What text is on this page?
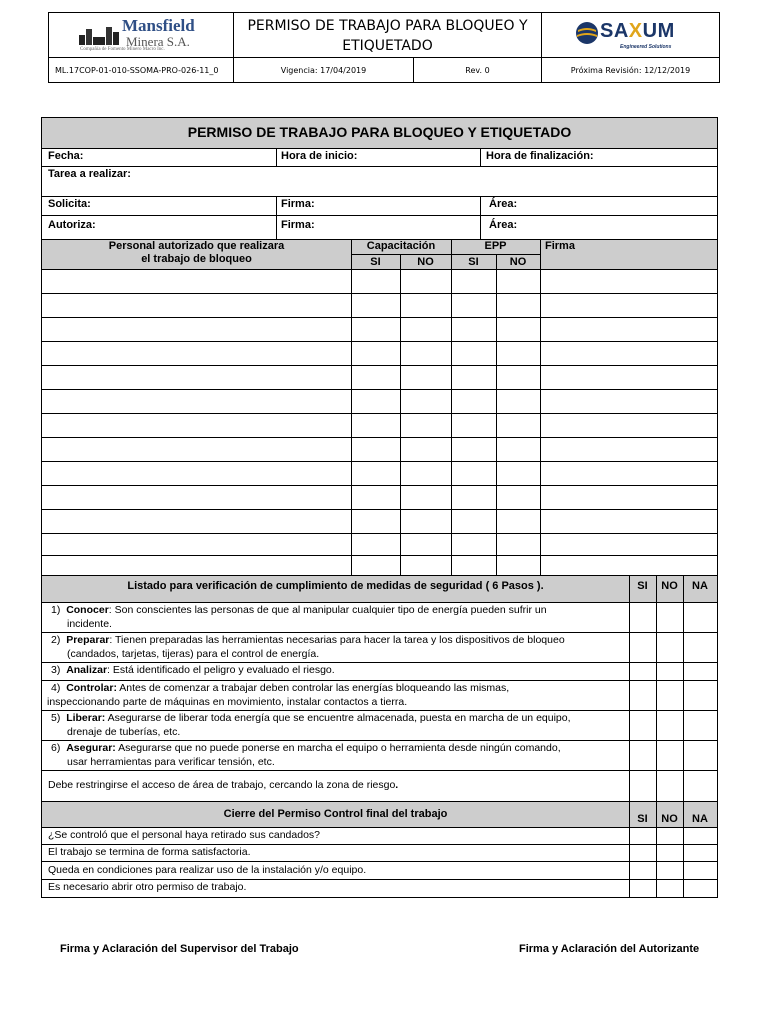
Mansfield
Minera S.A.
Compañía de Fomento Minero Macro Inc.
PERMISO DE TRABAJO PARA BLOQUEO Y ETIQUETADO
SAXUM
Engineered Solutions
ML.17COP-01-010-SSOMA-PRO-026-11_0	Vigencia: 17/04/2019	Rev. 0	Próxima Revisión: 12/12/2019
PERMISO DE TRABAJO PARA BLOQUEO Y ETIQUETADO
Fecha:	Hora de inicio:	Hora de finalización:
Tarea a realizar:
Solicita:	Firma:	Área:
Autoriza:	Firma:	Área:
Personal autorizado que realizara
el trabajo de bloqueo
Capacitación	EPP	Firma
SI	NO	SI	NO
Listado para verificación de cumplimiento de medidas de seguridad ( 6 Pasos ).	SI	NO	NA
1) Conocer: Son conscientes las personas de que al manipular cualquier tipo de energía pueden sufrir un
incidente.
2) Preparar: Tienen preparadas las herramientas necesarias para hacer la tarea y los dispositivos de bloqueo
(candados, tarjetas, tijeras) para el control de energía.
3) Analizar: Está identificado el peligro y evaluado el riesgo.
4) Controlar: Antes de comenzar a trabajar deben controlar las energías bloqueando las mismas,
inspeccionando parte de máquinas en movimiento, instalar contactos a tierra.
5) Liberar: Asegurarse de liberar toda energía que se encuentre almacenada, puesta en marcha de un equipo,
drenaje de tuberías, etc.
6) Asegurar: Asegurarse que no puede ponerse en marcha el equipo o herramienta desde ningún comando,
usar herramientas para verificar tensión, etc.
Debe restringirse el acceso de área de trabajo, cercando la zona de riesgo.
Cierre del Permiso Control final del trabajo	SI	NO	NA
¿Se controló que el personal haya retirado sus candados?
El trabajo se termina de forma satisfactoria.
Queda en condiciones para realizar uso de la instalación y/o equipo.
Es necesario abrir otro permiso de trabajo.
Firma y Aclaración del Supervisor del Trabajo	Firma y Aclaración del Autorizante
